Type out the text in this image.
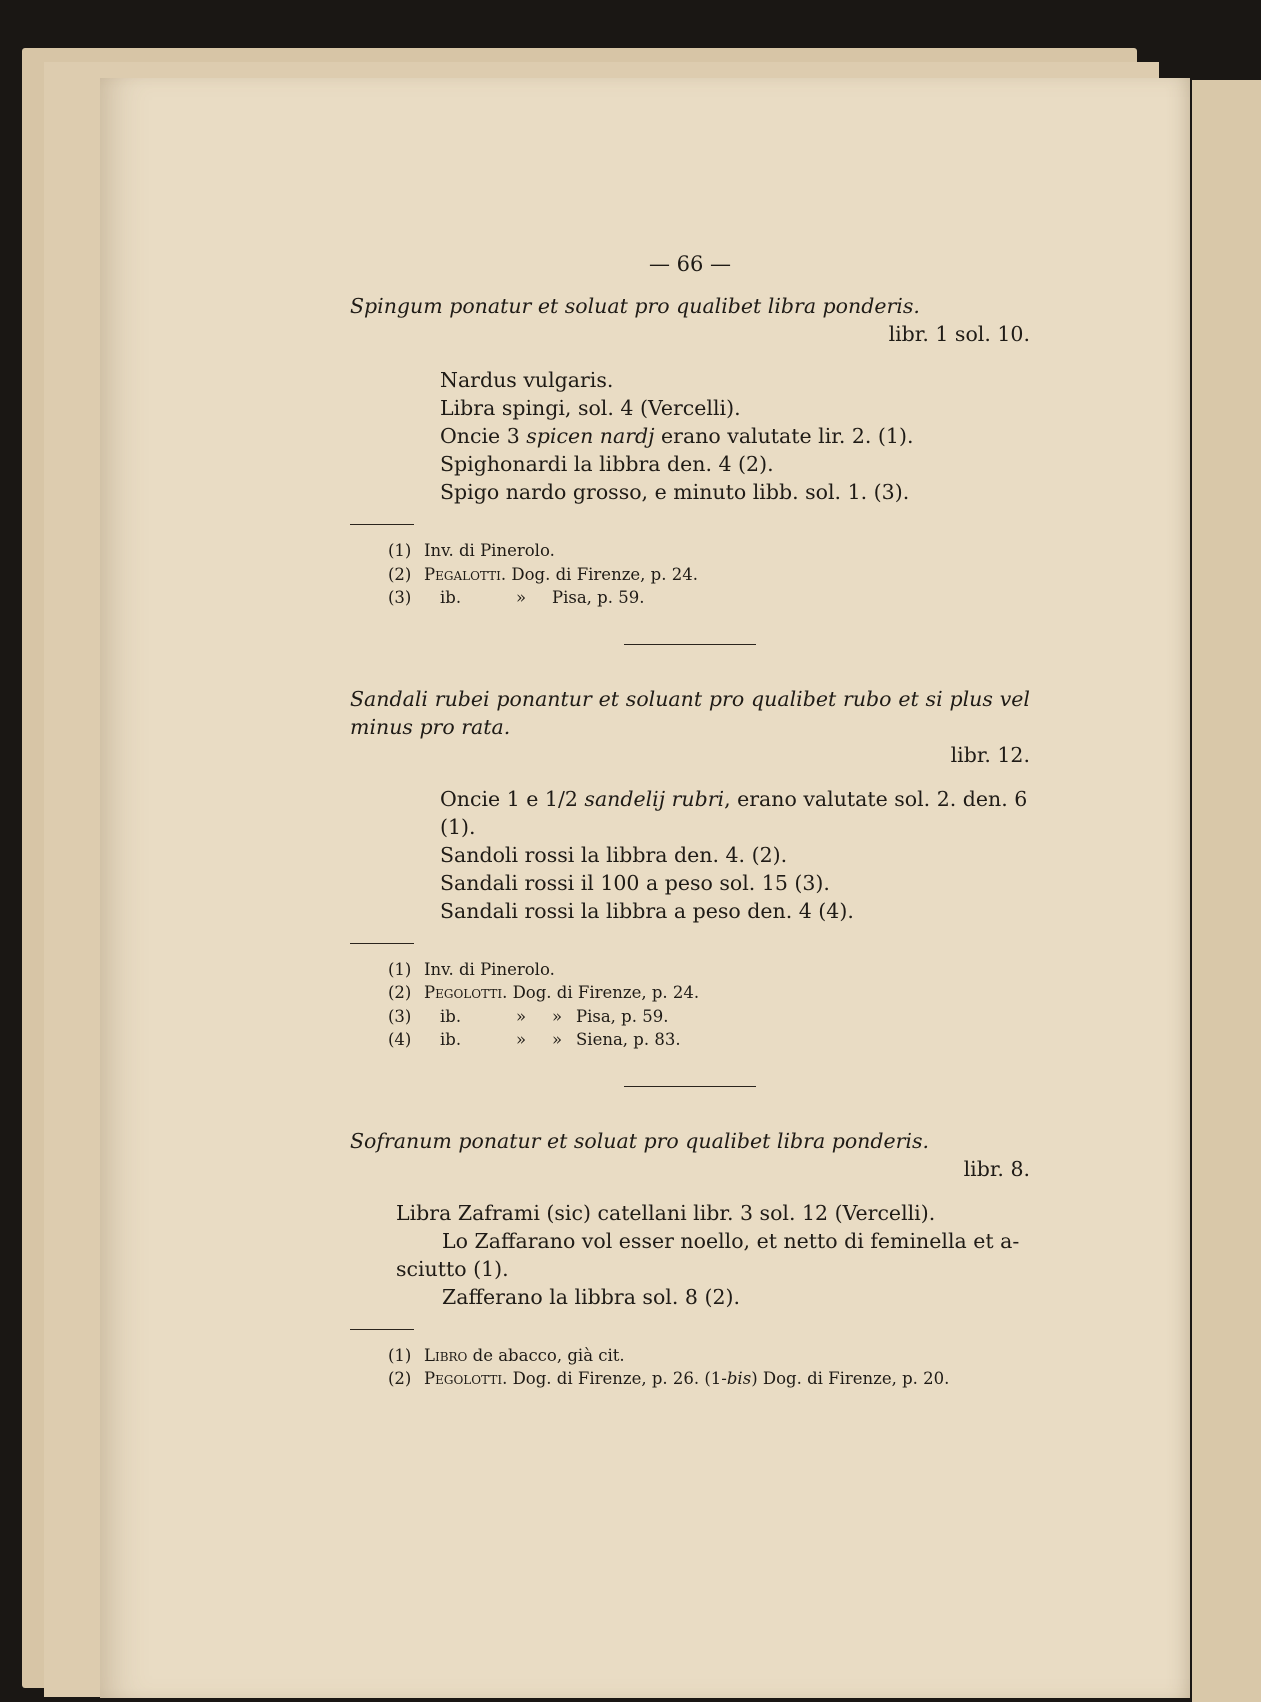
— 66 —

Spingum ponatur et soluat pro qualibet libra ponderis.

libr. 1 sol. 10.

Nardus vulgaris.

Libra spingi, sol. 4 (Vercelli).

Oncie 3 spicen nardj erano valutate lir. 2. (1).

Spighonardi la libbra den. 4 (2).

Spigo nardo grosso, e minuto libb. sol. 1. (3).

(1) Inv. di Pinerolo.

(2) Pegalotti. Dog. di Firenze, p. 24.

(3) ib.	» Pisa, p. 59.

Sandali rubei ponantur et soluant pro qualibet rubo et si plus vel minus pro rata.

libr. 12.

Oncie 1 e 1/2 sandelij rubri, erano valutate sol. 2. den. 6 (1).

Sandoli rossi la libbra den. 4. (2).

Sandali rossi il 100 a peso sol. 15 (3).

Sandali rossi la libbra a peso den. 4 (4).

(1) Inv. di Pinerolo.

(2) Pegolotti. Dog. di Firenze, p. 24.

(3) ib.	» » Pisa, p. 59.

(4) ib.	» » Siena, p. 83.

Sofranum ponatur et soluat pro qualibet libra ponderis.

libr. 8.

Libra Zaframi (sic) catellani libr. 3 sol. 12 (Vercelli).

Lo Zaffarano vol esser noello, et netto di feminella et a-

sciutto (1).

Zafferano la libbra sol. 8 (2).

(1) Libro de abacco, già cit.

(2) Pegolotti. Dog. di Firenze, p. 26. (1-bis) Dog. di Firenze, p. 20.
